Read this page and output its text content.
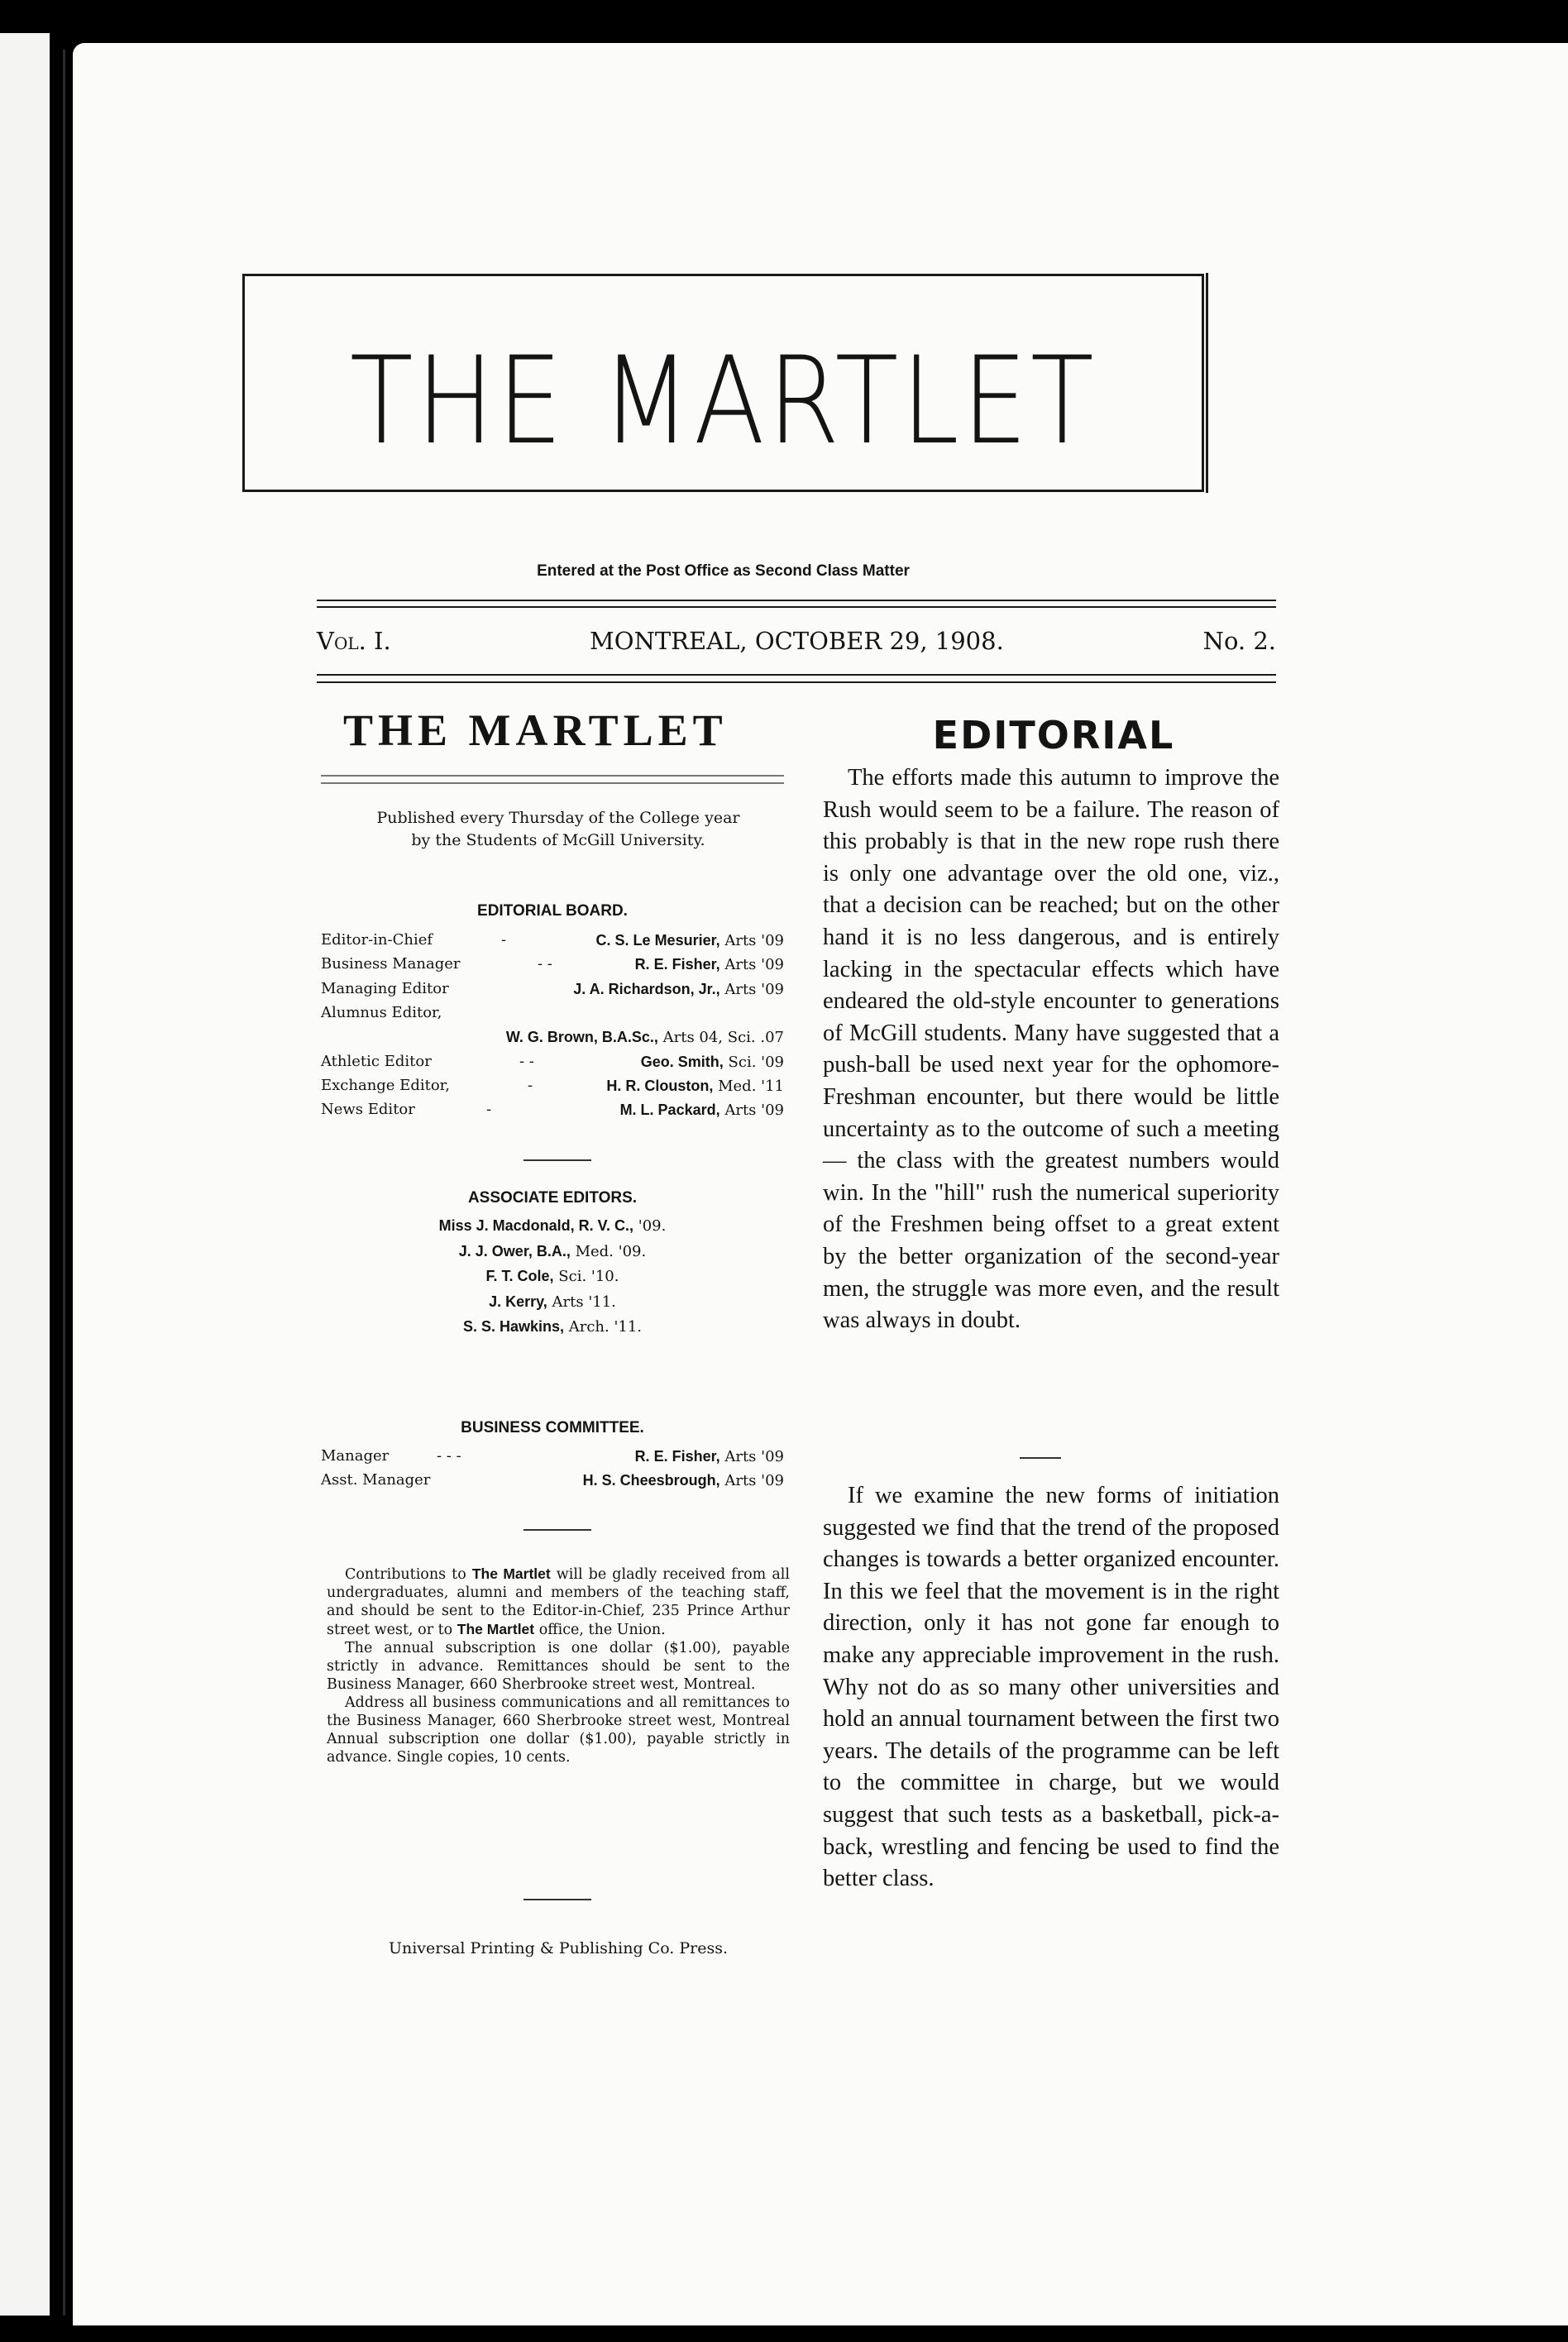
THE MARTLET
Entered at the Post Office as Second Class Matter
Vol. I.	MONTREAL, OCTOBER 29, 1908.	No. 2.
THE MARTLET
Published every Thursday of the College year
by the Students of McGill University.
EDITORIAL BOARD.
Editor-in-Chief	-	C. S. Le Mesurier, Arts '09
Business Manager	- -	R. E. Fisher, Arts '09
Managing Editor	J. A. Richardson, Jr., Arts '09
Alumnus Editor,
W. G. Brown, B.A.Sc., Arts 04, Sci. .07
Athletic Editor	- -	Geo. Smith, Sci. '09
Exchange Editor,	-	H. R. Clouston, Med. '11
News Editor	-	M. L. Packard, Arts '09
ASSOCIATE EDITORS.
Miss J. Macdonald, R. V. C., '09.
J. J. Ower, B.A., Med. '09.
F. T. Cole, Sci. '10.
J. Kerry, Arts '11.
S. S. Hawkins, Arch. '11.
BUSINESS COMMITTEE.
Manager	- - -	R. E. Fisher, Arts '09
Asst. Manager	H. S. Cheesbrough, Arts '09

Contributions to The Martlet will be gladly received from all undergraduates, alumni and members of the teaching staff, and should be sent to the Editor-in-Chief, 235 Prince Arthur street west, or to The Martlet office, the Union.

The annual subscription is one dollar ($1.00), payable strictly in advance. Remittances should be sent to the Business Manager, 660 Sherbrooke street west, Montreal.

Address all business communications and all remittances to the Business Manager, 660 Sherbrooke street west, Montreal Annual subscription one dollar ($1.00), payable strictly in advance. Single copies, 10 cents.

Universal Printing & Publishing Co. Press.
EDITORIAL

The efforts made this autumn to improve the Rush would seem to be a failure. The reason of this probably is that in the new rope rush there is only one advantage over the old one, viz., that a decision can be reached; but on the other hand it is no less dangerous, and is entirely lacking in the spectacular effects which have endeared the old-style encounter to generations of McGill students. Many have suggested that a push-ball be used next year for the ophomore-Freshman encounter, but there would be little uncertainty as to the outcome of such a meeting — the class with the greatest numbers would win. In the "hill" rush the numerical superiority of the Freshmen being offset to a great extent by the better organization of the second-year men, the struggle was more even, and the result was always in doubt.

If we examine the new forms of initiation suggested we find that the trend of the proposed changes is towards a better organized encounter. In this we feel that the movement is in the right direction, only it has not gone far enough to make any appreciable improvement in the rush. Why not do as so many other universities and hold an annual tournament between the first two years. The details of the programme can be left to the committee in charge, but we would suggest that such tests as a basketball, pick-a-back, wrestling and fencing be used to find the better class.
